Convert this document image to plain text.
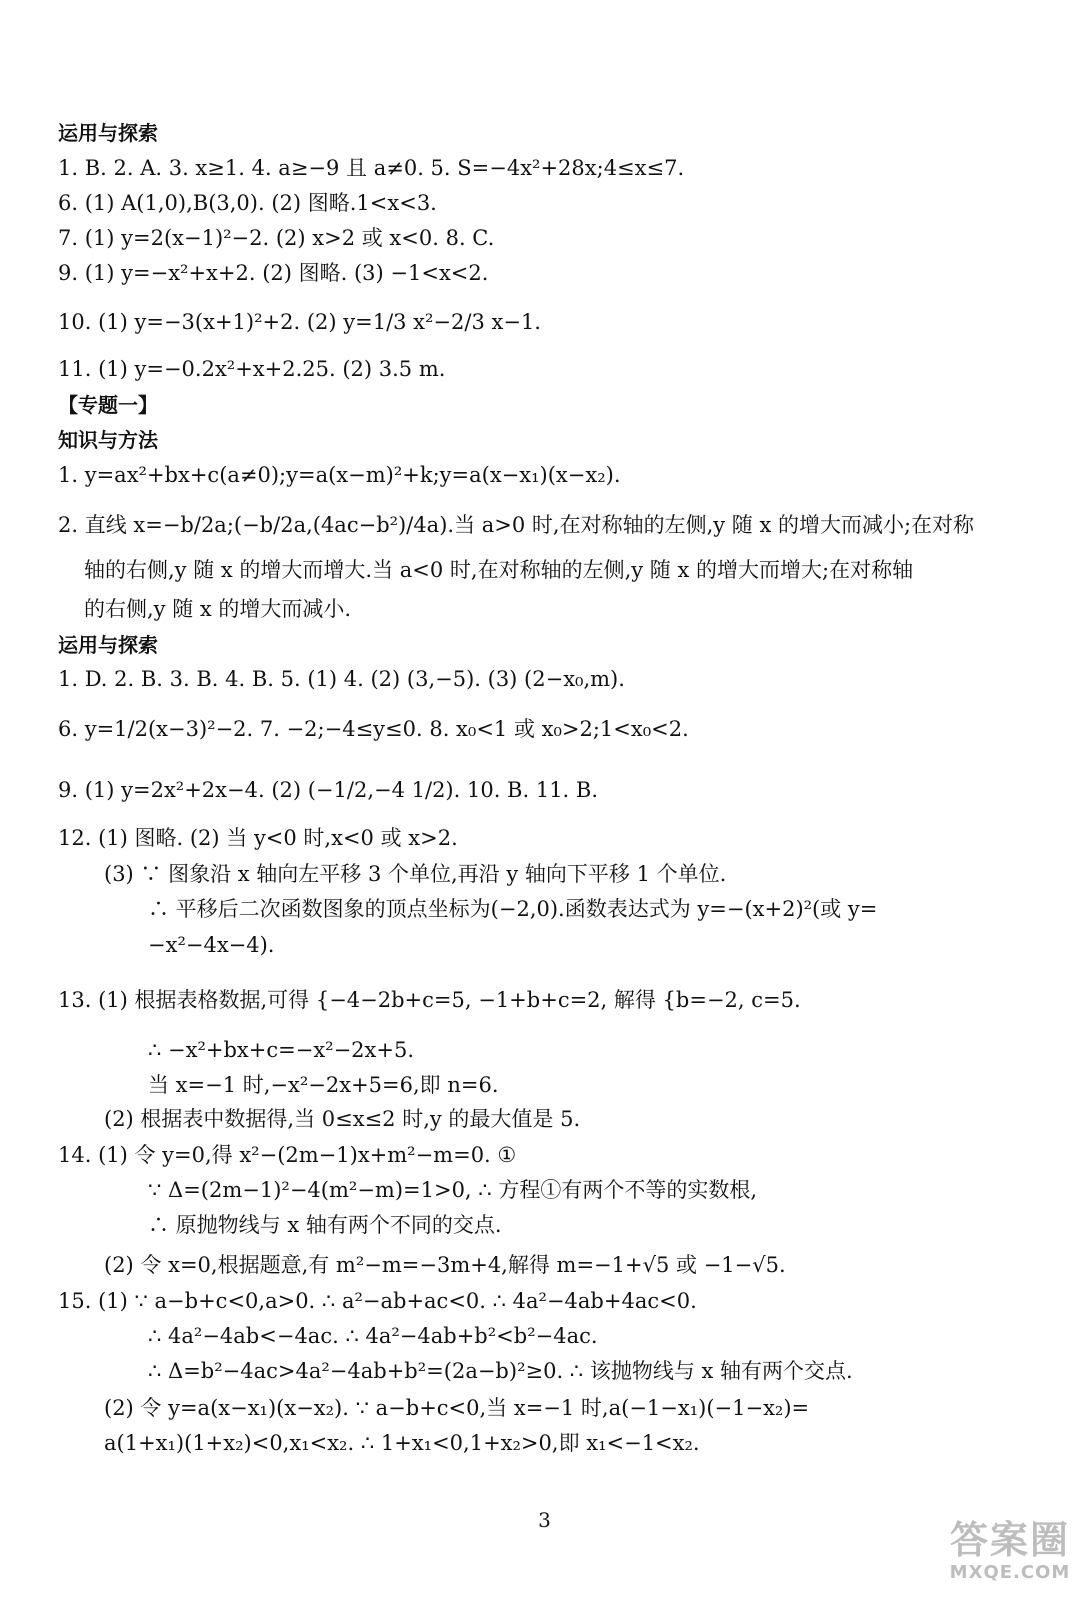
运用与探索
1. B. 2. A. 3. x≥1. 4. a≥−9 且 a≠0. 5. S=−4x²+28x;4≤x≤7.
6. (1) A(1,0),B(3,0). (2) 图略.1<x<3.
7. (1) y=2(x−1)²−2. (2) x>2 或 x<0. 8. C.
9. (1) y=−x²+x+2. (2) 图略. (3) −1<x<2.
10. (1) y=−3(x+1)²+2. (2) y=1/3 x²−2/3 x−1.
11. (1) y=−0.2x²+x+2.25. (2) 3.5 m.
【专题一】
知识与方法
1. y=ax²+bx+c(a≠0);y=a(x−m)²+k;y=a(x−x₁)(x−x₂).
2. 直线 x=−b/2a;(−b/2a,(4ac−b²)/4a).当 a>0 时,在对称轴的左侧,y 随 x 的增大而减小;在对称
轴的右侧,y 随 x 的增大而增大.当 a<0 时,在对称轴的左侧,y 随 x 的增大而增大;在对称轴
的右侧,y 随 x 的增大而减小.
运用与探索
1. D. 2. B. 3. B. 4. B. 5. (1) 4. (2) (3,−5). (3) (2−x₀,m).
6. y=1/2(x−3)²−2. 7. −2;−4≤y≤0. 8. x₀<1 或 x₀>2;1<x₀<2.
9. (1) y=2x²+2x−4. (2) (−1/2,−4 1/2). 10. B. 11. B.
12. (1) 图略. (2) 当 y<0 时,x<0 或 x>2.
(3) ∵ 图象沿 x 轴向左平移 3 个单位,再沿 y 轴向下平移 1 个单位.
∴ 平移后二次函数图象的顶点坐标为(−2,0).函数表达式为 y=−(x+2)²(或 y=
−x²−4x−4).
13. (1) 根据表格数据,可得 {−4−2b+c=5, −1+b+c=2, 解得 {b=−2, c=5.
∴ −x²+bx+c=−x²−2x+5.
当 x=−1 时,−x²−2x+5=6,即 n=6.
(2) 根据表中数据得,当 0≤x≤2 时,y 的最大值是 5.
14. (1) 令 y=0,得 x²−(2m−1)x+m²−m=0. ①
∵ Δ=(2m−1)²−4(m²−m)=1>0, ∴ 方程①有两个不等的实数根,
∴ 原抛物线与 x 轴有两个不同的交点.
(2) 令 x=0,根据题意,有 m²−m=−3m+4,解得 m=−1+√5 或 −1−√5.
15. (1) ∵ a−b+c<0,a>0. ∴ a²−ab+ac<0. ∴ 4a²−4ab+4ac<0.
∴ 4a²−4ab<−4ac. ∴ 4a²−4ab+b²<b²−4ac.
∴ Δ=b²−4ac>4a²−4ab+b²=(2a−b)²≥0. ∴ 该抛物线与 x 轴有两个交点.
(2) 令 y=a(x−x₁)(x−x₂). ∵ a−b+c<0,当 x=−1 时,a(−1−x₁)(−1−x₂)=
a(1+x₁)(1+x₂)<0,x₁<x₂. ∴ 1+x₁<0,1+x₂>0,即 x₁<−1<x₂.
3	答案圈
MXQE.COM
